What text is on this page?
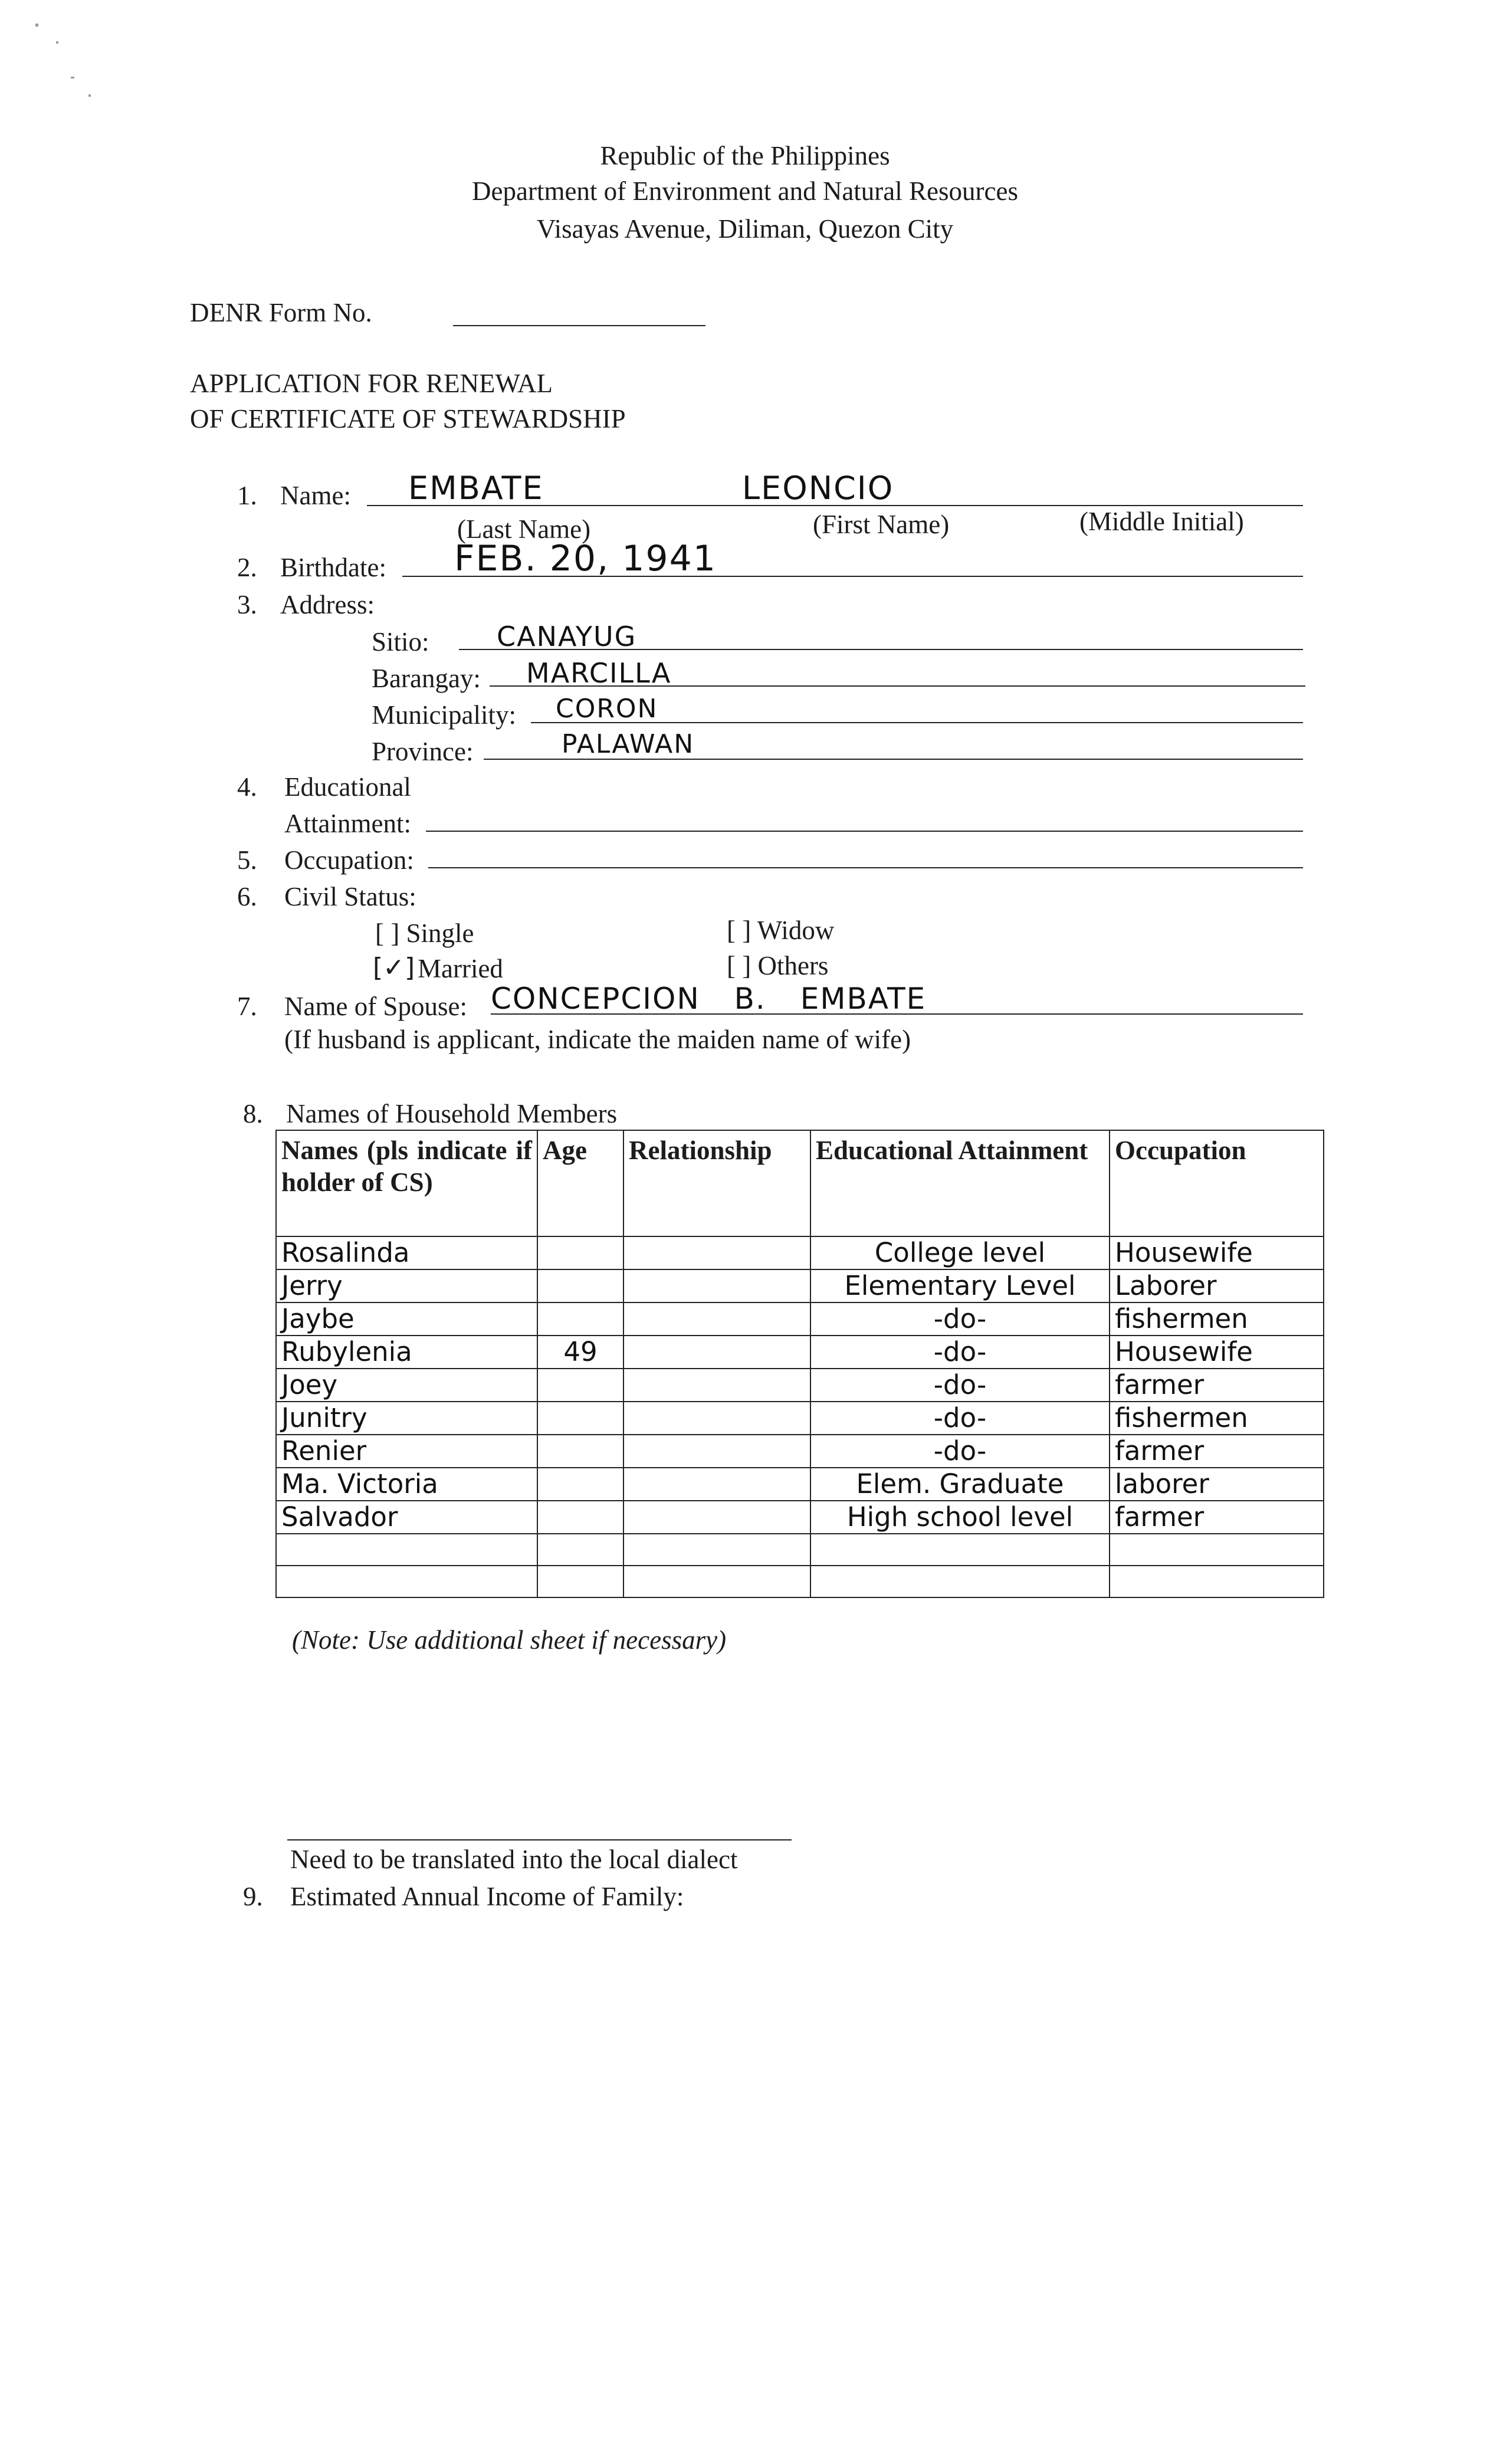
Republic of the Philippines
Department of Environment and Natural Resources
Visayas Avenue, Diliman, Quezon City
DENR Form No.
APPLICATION FOR RENEWAL
OF CERTIFICATE OF STEWARDSHIP
1. Name: EMBATE	LEONCIO
(Last Name)	(First Name)	(Middle Initial)
2. Birthdate: FEB. 20, 1941
3. Address:
Sitio: CANAYUG
Barangay: MARCILLA
Municipality: CORON
Province:	PALAWAN
4. Educational
Attainment:
5. Occupation:
6. Civil Status:
[ ] Single
[✓] Married
[ ] Widow
[ ] Others
7. Name of Spouse: CONCEPCION B. EMBATE
(If husband is applicant, indicate the maiden name of wife)
8. Names of Household Members
Names (pls indicate if holder of CS)	Age	Relationship	Educational Attainment	Occupation
Rosalinda			College level	Housewife
Jerry			Elementary Level	Laborer
Jaybe			-do-	fishermen
Rubylenia	49		-do-	Housewife
Joey			-do-	farmer
Junitry			-do-	fishermen
Renier			-do-	farmer
Ma. Victoria			Elem. Graduate	laborer
Salvador			High school level	farmer

(Note: Use additional sheet if necessary)
Need to be translated into the local dialect
9. Estimated Annual Income of Family:
